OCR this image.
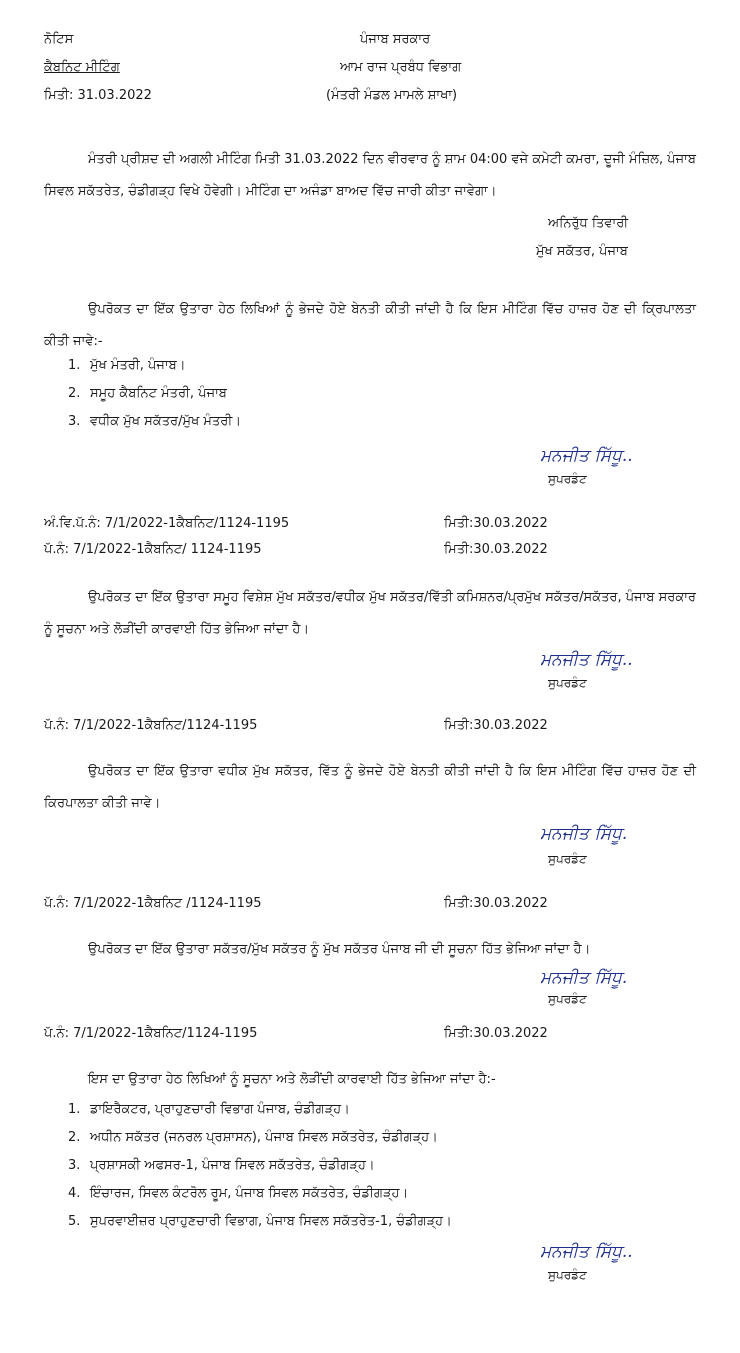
ਨੋਟਿਸ
ਕੈਬਨਿਟ ਮੀਟਿੰਗ
ਮਿਤੀ: 31.03.2022
ਪੰਜਾਬ ਸਰਕਾਰ
ਆਮ ਰਾਜ ਪ੍ਰਬੰਧ ਵਿਭਾਗ
(ਮੰਤਰੀ ਮੰਡਲ ਮਾਮਲੇ ਸ਼ਾਖਾ)
ਮੰਤਰੀ ਪ੍ਰੀਸ਼ਦ ਦੀ ਅਗਲੀ ਮੀਟਿੰਗ ਮਿਤੀ 31.03.2022 ਦਿਨ ਵੀਰਵਾਰ ਨੂੰ ਸ਼ਾਮ 04:00 ਵਜੇ ਕਮੇਟੀ ਕਮਰਾ, ਦੂਜੀ ਮੰਜ਼ਿਲ, ਪੰਜਾਬ ਸਿਵਲ ਸਕੱਤਰੇਤ, ਚੰਡੀਗੜ੍ਹ ਵਿਖੇ ਹੋਵੇਗੀ। ਮੀਟਿੰਗ ਦਾ ਅਜੰਡਾ ਬਾਅਦ ਵਿੱਚ ਜਾਰੀ ਕੀਤਾ ਜਾਵੇਗਾ।
ਅਨਿਰੁੱਧ ਤਿਵਾਰੀ
ਮੁੱਖ ਸਕੱਤਰ, ਪੰਜਾਬ
ਉਪਰੋਕਤ ਦਾ ਇੱਕ ਉਤਾਰਾ ਹੇਠ ਲਿਖਿਆਂ ਨੂੰ ਭੇਜਦੇ ਹੋਏ ਬੇਨਤੀ ਕੀਤੀ ਜਾਂਦੀ ਹੈ ਕਿ ਇਸ ਮੀਟਿੰਗ ਵਿੱਚ ਹਾਜ਼ਰ ਹੋਣ ਦੀ ਕ੍ਰਿਪਾਲਤਾ ਕੀਤੀ ਜਾਵੇ:-
1. ਮੁੱਖ ਮੰਤਰੀ, ਪੰਜਾਬ।
2. ਸਮੂਹ ਕੈਬਨਿਟ ਮੰਤਰੀ, ਪੰਜਾਬ
3. ਵਧੀਕ ਮੁੱਖ ਸਕੱਤਰ/ਮੁੱਖ ਮੰਤਰੀ।
ਮਨਜੀਤ ਸਿੱਧੂ..
ਸੁਪਰਡੰਟ
ਅੰ.ਵਿ.ਪੱ.ਨੰ: 7/1/2022-1ਕੈਬਨਿਟ/1124-1195	ਮਿਤੀ:30.03.2022
ਪੱ.ਨੰ: 7/1/2022-1ਕੈਬਨਿਟ/ 1124-1195	ਮਿਤੀ:30.03.2022
ਉਪਰੋਕਤ ਦਾ ਇੱਕ ਉਤਾਰਾ ਸਮੂਹ ਵਿਸ਼ੇਸ਼ ਮੁੱਖ ਸਕੱਤਰ/ਵਧੀਕ ਮੁੱਖ ਸਕੱਤਰ/ਵਿੱਤੀ ਕਮਿਸ਼ਨਰ/ਪ੍ਰਮੁੱਖ ਸਕੱਤਰ/ਸਕੱਤਰ, ਪੰਜਾਬ ਸਰਕਾਰ ਨੂੰ ਸੂਚਨਾ ਅਤੇ ਲੋੜੀਂਦੀ ਕਾਰਵਾਈ ਹਿੱਤ ਭੇਜਿਆ ਜਾਂਦਾ ਹੈ।
ਮਨਜੀਤ ਸਿੱਧੂ..
ਸੁਪਰਡੰਟ
ਪੱ.ਨੰ: 7/1/2022-1ਕੈਬਨਿਟ/1124-1195	ਮਿਤੀ:30.03.2022
ਉਪਰੋਕਤ ਦਾ ਇੱਕ ਉਤਾਰਾ ਵਧੀਕ ਮੁੱਖ ਸਕੱਤਰ, ਵਿੱਤ ਨੂੰ ਭੇਜਦੇ ਹੋਏ ਬੇਨਤੀ ਕੀਤੀ ਜਾਂਦੀ ਹੈ ਕਿ ਇਸ ਮੀਟਿੰਗ ਵਿੱਚ ਹਾਜ਼ਰ ਹੋਣ ਦੀ ਕਿਰਪਾਲਤਾ ਕੀਤੀ ਜਾਵੇ।
ਮਨਜੀਤ ਸਿੱਧੂ.
ਸੁਪਰਡੰਟ
ਪੱ.ਨੰ: 7/1/2022-1ਕੈਬਨਿਟ /1124-1195	ਮਿਤੀ:30.03.2022
ਉਪਰੋਕਤ ਦਾ ਇੱਕ ਉਤਾਰਾ ਸਕੱਤਰ/ਮੁੱਖ ਸਕੱਤਰ ਨੂੰ ਮੁੱਖ ਸਕੱਤਰ ਪੰਜਾਬ ਜੀ ਦੀ ਸੂਚਨਾ ਹਿੱਤ ਭੇਜਿਆ ਜਾਂਦਾ ਹੈ।
ਮਨਜੀਤ ਸਿੱਧੂ.
ਸੁਪਰਡੰਟ
ਪੱ.ਨੰ: 7/1/2022-1ਕੈਬਨਿਟ/1124-1195	ਮਿਤੀ:30.03.2022
ਇਸ ਦਾ ਉਤਾਰਾ ਹੇਠ ਲਿਖਿਆਂ ਨੂੰ ਸੂਚਨਾ ਅਤੇ ਲੋੜੀਂਦੀ ਕਾਰਵਾਈ ਹਿੱਤ ਭੇਜਿਆ ਜਾਂਦਾ ਹੈ:-
1. ਡਾਇਰੈਕਟਰ, ਪ੍ਰਾਹੁਣਚਾਰੀ ਵਿਭਾਗ ਪੰਜਾਬ, ਚੰਡੀਗੜ੍ਹ।
2. ਅਧੀਨ ਸਕੱਤਰ (ਜਨਰਲ ਪ੍ਰਸ਼ਾਸਨ), ਪੰਜਾਬ ਸਿਵਲ ਸਕੱਤਰੇਤ, ਚੰਡੀਗੜ੍ਹ।
3. ਪ੍ਰਸ਼ਾਸਕੀ ਅਫਸਰ-1, ਪੰਜਾਬ ਸਿਵਲ ਸਕੱਤਰੇਤ, ਚੰਡੀਗੜ੍ਹ।
4. ਇੰਚਾਰਜ, ਸਿਵਲ ਕੰਟਰੋਲ ਰੂਮ, ਪੰਜਾਬ ਸਿਵਲ ਸਕੱਤਰੇਤ, ਚੰਡੀਗੜ੍ਹ।
5. ਸੁਪਰਵਾਈਜ਼ਰ ਪ੍ਰਾਹੁਣਚਾਰੀ ਵਿਭਾਗ, ਪੰਜਾਬ ਸਿਵਲ ਸਕੱਤਰੇਤ-1, ਚੰਡੀਗੜ੍ਹ।
ਮਨਜੀਤ ਸਿੱਧੂ..
ਸੁਪਰਡੰਟ
